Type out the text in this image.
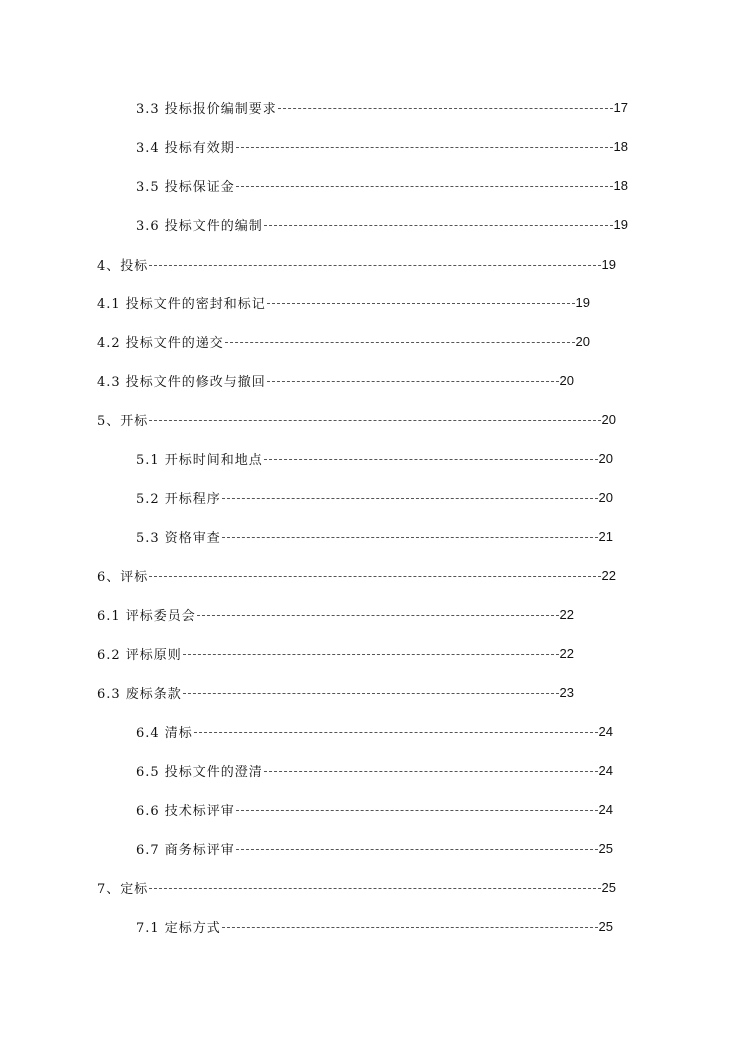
3.3 投标报价编制要求	17
3.4 投标有效期	18
3.5 投标保证金	18
3.6 投标文件的编制	19
4、投标	19
4.1 投标文件的密封和标记	19
4.2 投标文件的递交	20
4.3 投标文件的修改与撤回	20
5、开标	20
5.1 开标时间和地点	20
5.2 开标程序	20
5.3 资格审查	21
6、评标	22
6.1 评标委员会	22
6.2 评标原则	22
6.3 废标条款	23
6.4 清标	24
6.5 投标文件的澄清	24
6.6 技术标评审	24
6.7 商务标评审	25
7、定标	25
7.1 定标方式	25
